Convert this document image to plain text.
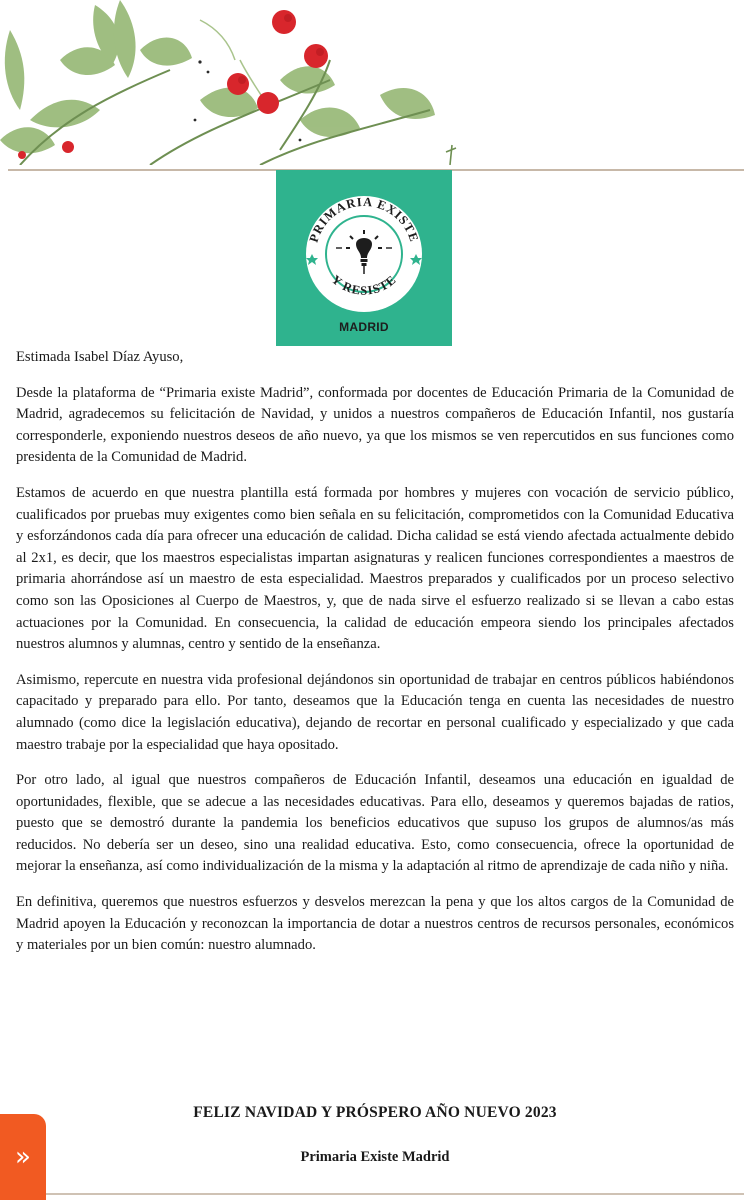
PRIMARIA EXISTE
Y RESISTE
MADRID

Estimada Isabel Díaz Ayuso,

Desde la plataforma de “Primaria existe Madrid”, conformada por docentes de Educación Primaria de la Comunidad de Madrid, agradecemos su felicitación de Navidad, y unidos a nuestros compañeros de Educación Infantil, nos gustaría corresponderle, exponiendo nuestros deseos de año nuevo, ya que los mismos se ven repercutidos en sus funciones como presidenta de la Comunidad de Madrid.

Estamos de acuerdo en que nuestra plantilla está formada por hombres y mujeres con vocación de servicio público, cualificados por pruebas muy exigentes como bien señala en su felicitación, comprometidos con la Comunidad Educativa y esforzándonos cada día para ofrecer una educación de calidad. Dicha calidad se está viendo afectada actualmente debido al 2x1, es decir, que los maestros especialistas impartan asignaturas y realicen funciones correspondientes a maestros de primaria ahorrándose así un maestro de esta especialidad. Maestros preparados y cualificados por un proceso selectivo como son las Oposiciones al Cuerpo de Maestros, y, que de nada sirve el esfuerzo realizado si se llevan a cabo estas actuaciones por la Comunidad. En consecuencia, la calidad de educación empeora siendo los principales afectados nuestros alumnos y alumnas, centro y sentido de la enseñanza.

Asimismo, repercute en nuestra vida profesional dejándonos sin oportunidad de trabajar en centros públicos habiéndonos capacitado y preparado para ello. Por tanto, deseamos que la Educación tenga en cuenta las necesidades de nuestro alumnado (como dice la legislación educativa), dejando de recortar en personal cualificado y especializado y que cada maestro trabaje por la especialidad que haya opositado.

Por otro lado, al igual que nuestros compañeros de Educación Infantil, deseamos una educación en igualdad de oportunidades, flexible, que se adecue a las necesidades educativas. Para ello, deseamos y queremos bajadas de ratios, puesto que se demostró durante la pandemia los beneficios educativos que supuso los grupos de alumnos/as más reducidos. No debería ser un deseo, sino una realidad educativa. Esto, como consecuencia, ofrece la oportunidad de mejorar la enseñanza, así como individualización de la misma y la adaptación al ritmo de aprendizaje de cada niño y niña.

En definitiva, queremos que nuestros esfuerzos y desvelos merezcan la pena y que los altos cargos de la Comunidad de Madrid apoyen la Educación y reconozcan la importancia de dotar a nuestros centros de recursos personales, económicos y materiales por un bien común: nuestro alumnado.

FELIZ NAVIDAD Y PRÓSPERO AÑO NUEVO 2023
Primaria Existe Madrid
»
